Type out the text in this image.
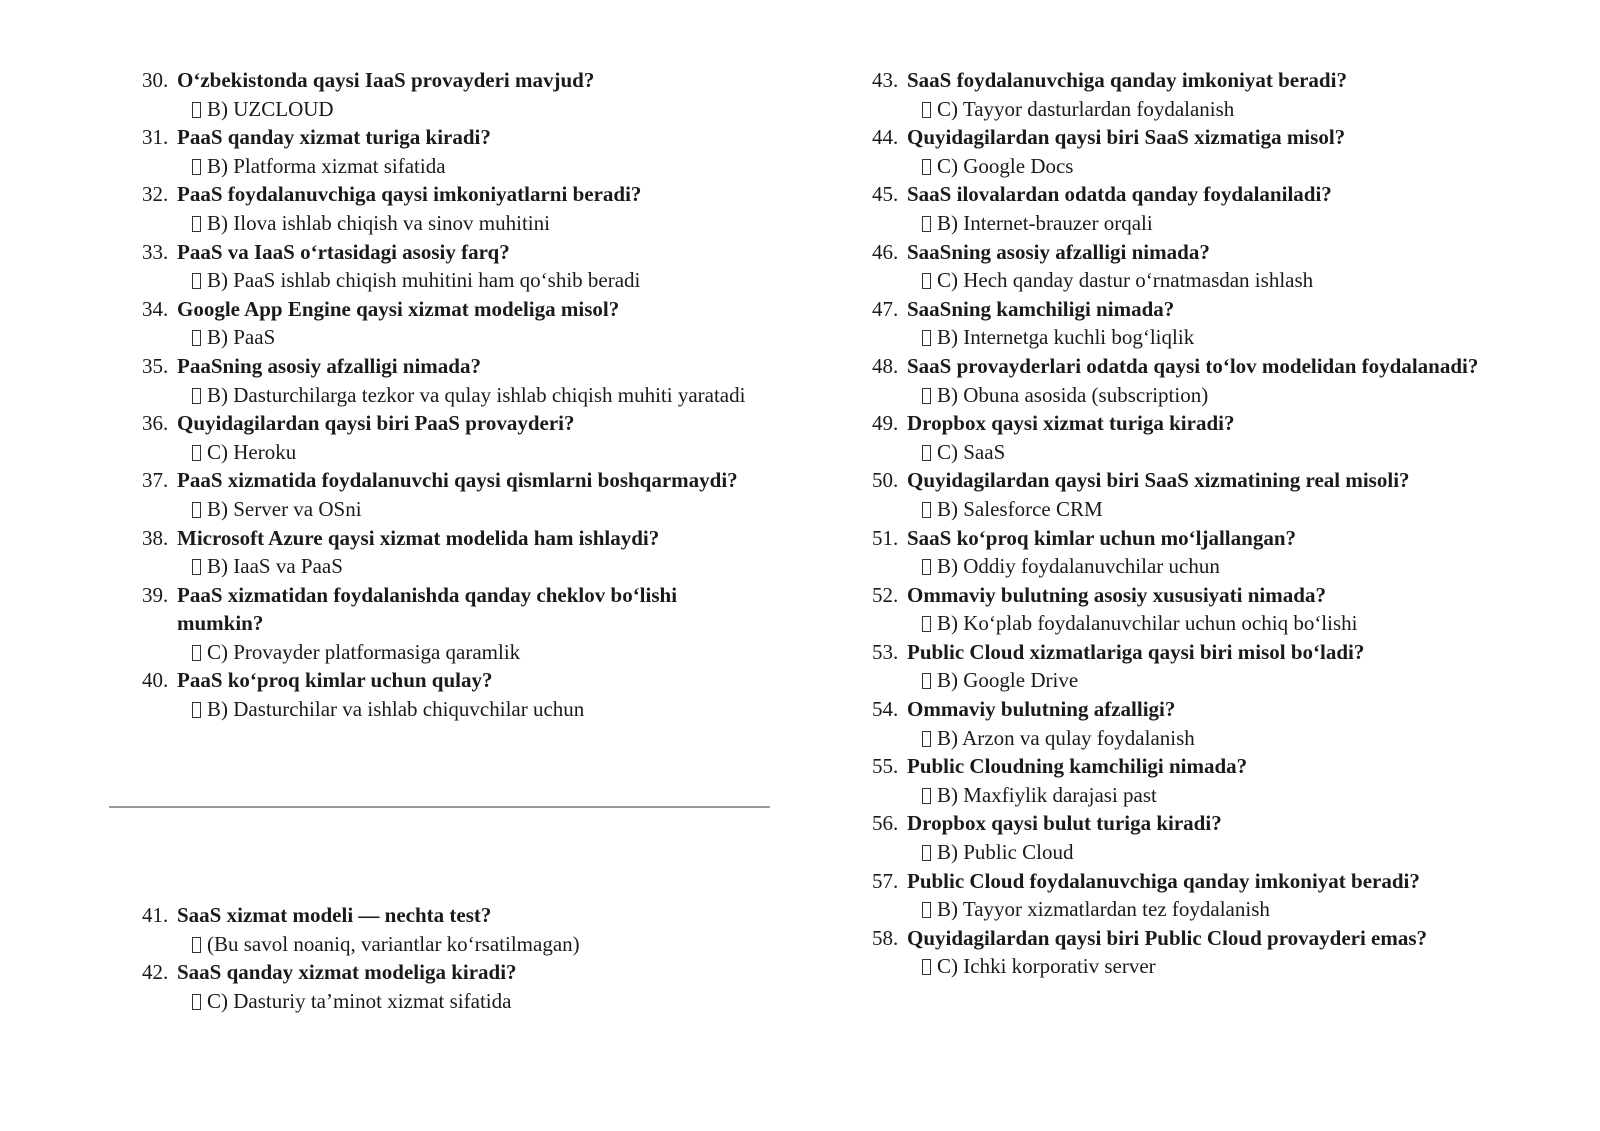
30. O‘zbekistonda qaysi IaaS provayderi mavjud?
B) UZCLOUD
31. PaaS qanday xizmat turiga kiradi?
B) Platforma xizmat sifatida
32. PaaS foydalanuvchiga qaysi imkoniyatlarni beradi?
B) Ilova ishlab chiqish va sinov muhitini
33. PaaS va IaaS o‘rtasidagi asosiy farq?
B) PaaS ishlab chiqish muhitini ham qo‘shib beradi
34. Google App Engine qaysi xizmat modeliga misol?
B) PaaS
35. PaaSning asosiy afzalligi nimada?
B) Dasturchilarga tezkor va qulay ishlab chiqish muhiti yaratadi
36. Quyidagilardan qaysi biri PaaS provayderi?
C) Heroku
37. PaaS xizmatida foydalanuvchi qaysi qismlarni boshqarmaydi?
B) Server va OSni
38. Microsoft Azure qaysi xizmat modelida ham ishlaydi?
B) IaaS va PaaS
39. PaaS xizmatidan foydalanishda qanday cheklov bo‘lishi mumkin?
C) Provayder platformasiga qaramlik
40. PaaS ko‘proq kimlar uchun qulay?
B) Dasturchilar va ishlab chiquvchilar uchun
41. SaaS xizmat modeli — nechta test?
(Bu savol noaniq, variantlar ko‘rsatilmagan)
42. SaaS qanday xizmat modeliga kiradi?
C) Dasturiy ta’minot xizmat sifatida
43. SaaS foydalanuvchiga qanday imkoniyat beradi?
C) Tayyor dasturlardan foydalanish
44. Quyidagilardan qaysi biri SaaS xizmatiga misol?
C) Google Docs
45. SaaS ilovalardan odatda qanday foydalaniladi?
B) Internet-brauzer orqali
46. SaaSning asosiy afzalligi nimada?
C) Hech qanday dastur o‘rnatmasdan ishlash
47. SaaSning kamchiligi nimada?
B) Internetga kuchli bog‘liqlik
48. SaaS provayderlari odatda qaysi to‘lov modelidan foydalanadi?
B) Obuna asosida (subscription)
49. Dropbox qaysi xizmat turiga kiradi?
C) SaaS
50. Quyidagilardan qaysi biri SaaS xizmatining real misoli?
B) Salesforce CRM
51. SaaS ko‘proq kimlar uchun mo‘ljallangan?
B) Oddiy foydalanuvchilar uchun
52. Ommaviy bulutning asosiy xususiyati nimada?
B) Ko‘plab foydalanuvchilar uchun ochiq bo‘lishi
53. Public Cloud xizmatlariga qaysi biri misol bo‘ladi?
B) Google Drive
54. Ommaviy bulutning afzalligi?
B) Arzon va qulay foydalanish
55. Public Cloudning kamchiligi nimada?
B) Maxfiylik darajasi past
56. Dropbox qaysi bulut turiga kiradi?
B) Public Cloud
57. Public Cloud foydalanuvchiga qanday imkoniyat beradi?
B) Tayyor xizmatlardan tez foydalanish
58. Quyidagilardan qaysi biri Public Cloud provayderi emas?
C) Ichki korporativ server
